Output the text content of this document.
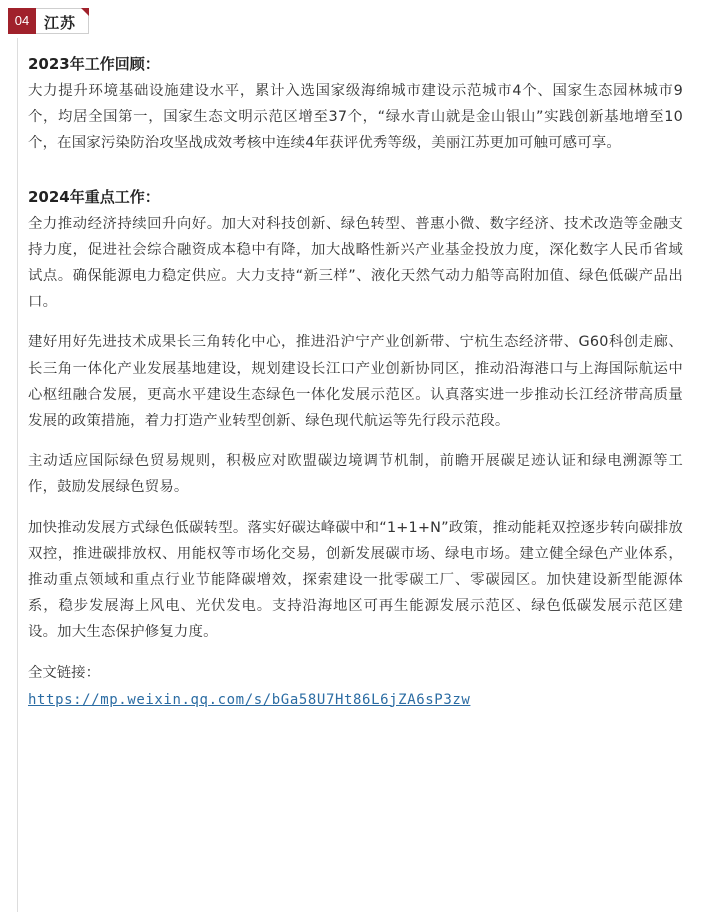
04 江苏

2023年工作回顾：

大力提升环境基础设施建设水平，累计入选国家级海绵城市建设示范城市4个、国家生态园林城市9个，均居全国第一，国家生态文明示范区增至37个，“绿水青山就是金山银山”实践创新基地增至10个，在国家污染防治攻坚战成效考核中连续4年获评优秀等级，美丽江苏更加可触可感可享。

2024年重点工作：

全力推动经济持续回升向好。加大对科技创新、绿色转型、普惠小微、数字经济、技术改造等金融支持力度，促进社会综合融资成本稳中有降，加大战略性新兴产业基金投放力度，深化数字人民币省域试点。确保能源电力稳定供应。大力支持“新三样”、液化天然气动力船等高附加值、绿色低碳产品出口。

建好用好先进技术成果长三角转化中心，推进沿沪宁产业创新带、宁杭生态经济带、G60科创走廊、长三角一体化产业发展基地建设，规划建设长江口产业创新协同区，推动沿海港口与上海国际航运中心枢纽融合发展，更高水平建设生态绿色一体化发展示范区。认真落实进一步推动长江经济带高质量发展的政策措施，着力打造产业转型创新、绿色现代航运等先行段示范段。

主动适应国际绿色贸易规则，积极应对欧盟碳边境调节机制，前瞻开展碳足迹认证和绿电溯源等工作，鼓励发展绿色贸易。

加快推动发展方式绿色低碳转型。落实好碳达峰碳中和“1+1+N”政策，推动能耗双控逐步转向碳排放双控，推进碳排放权、用能权等市场化交易，创新发展碳市场、绿电市场。建立健全绿色产业体系，推动重点领域和重点行业节能降碳增效，探索建设一批零碳工厂、零碳园区。加快建设新型能源体系，稳步发展海上风电、光伏发电。支持沿海地区可再生能源发展示范区、绿色低碳发展示范区建设。加大生态保护修复力度。

全文链接：

https://mp.weixin.qq.com/s/bGa58U7Ht86L6jZA6sP3zw
